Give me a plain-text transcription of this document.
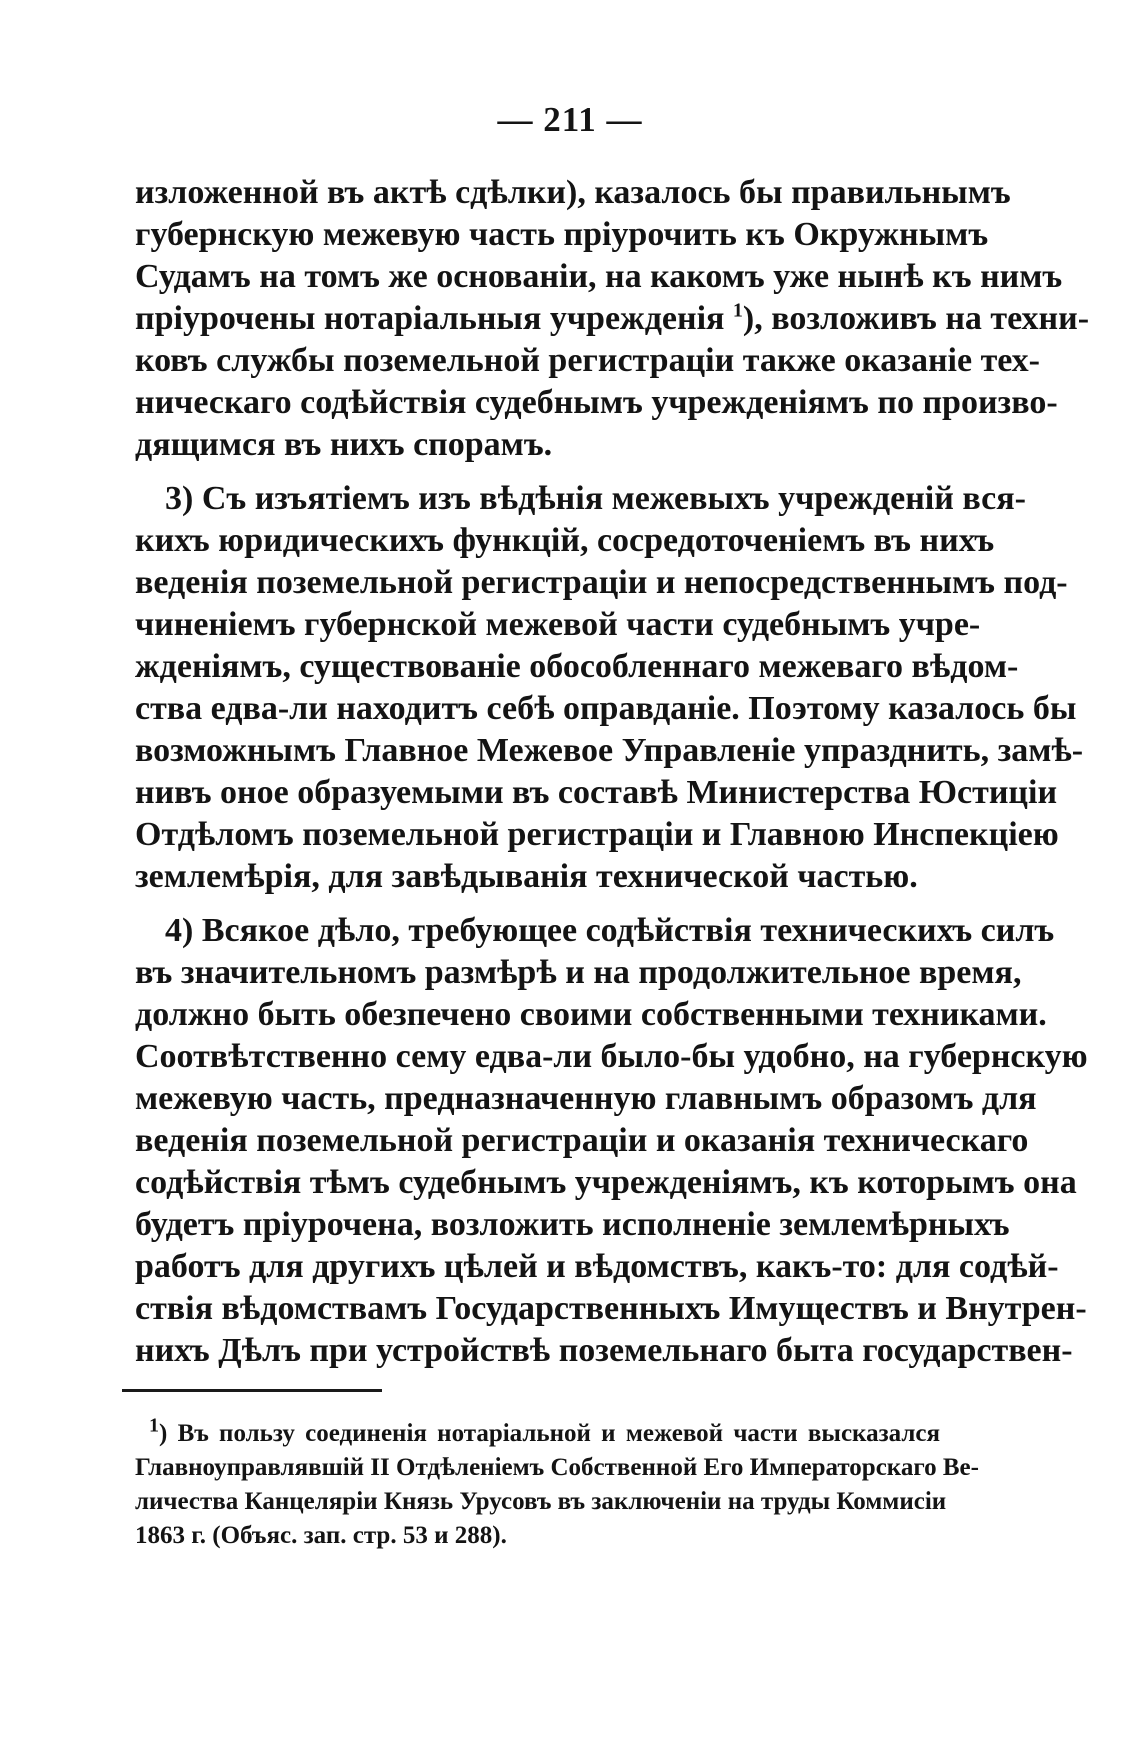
— 211 —
изложенной въ актѣ сдѣлки), казалось бы правильнымъ
губернскую межевую часть пріурочить къ Окружнымъ
Судамъ на томъ же основаніи, на какомъ уже нынѣ къ нимъ
пріурочены нотаріальныя учрежденія $^1$), возложивъ на техни-
ковъ службы поземельной регистраціи также оказаніе тех-
ническаго содѣйствія судебнымъ учрежденіямъ по произво-
дящимся въ нихъ спорамъ.
3) Съ изъятіемъ изъ вѣдѣнія межевыхъ учрежденій вся-
кихъ юридическихъ функцій, сосредоточеніемъ въ нихъ
веденія поземельной регистраціи и непосредственнымъ под-
чиненіемъ губернской межевой части судебнымъ учре-
жденіямъ, существованіе обособленнаго межеваго вѣдом-
ства едва-ли находитъ себѣ оправданіе. Поэтому казалось бы
возможнымъ Главное Межевое Управленіе упразднить, замѣ-
нивъ оное образуемыми въ составѣ Министерства Юстиціи
Отдѣломъ поземельной регистраціи и Главною Инспекціею
землемѣрія, для завѣдыванія технической частью.
4) Всякое дѣло, требующее содѣйствія техническихъ силъ
въ значительномъ размѣрѣ и на продолжительное время,
должно быть обезпечено своими собственными техниками.
Соотвѣтственно сему едва-ли было-бы удобно, на губернскую
межевую часть, предназначенную главнымъ образомъ для
веденія поземельной регистраціи и оказанія техническаго
содѣйствія тѣмъ судебнымъ учрежденіямъ, къ которымъ она
будетъ пріурочена, возложить исполненіе землемѣрныхъ
работъ для другихъ цѣлей и вѣдомствъ, какъ-то: для содѣй-
ствія вѣдомствамъ Государственныхъ Имуществъ и Внутрен-
нихъ Дѣлъ при устройствѣ поземельнаго быта государствен-
$^1$) Въ пользу соединенія нотаріальной и межевой части высказался
Главноуправлявшій II Отдѣленіемъ Собственной Его Императорскаго Ве-
личества Канцеляріи Князь Урусовъ въ заключеніи на труды Коммисіи
1863 г. (Объяс. зап. стр. 53 и 288).
